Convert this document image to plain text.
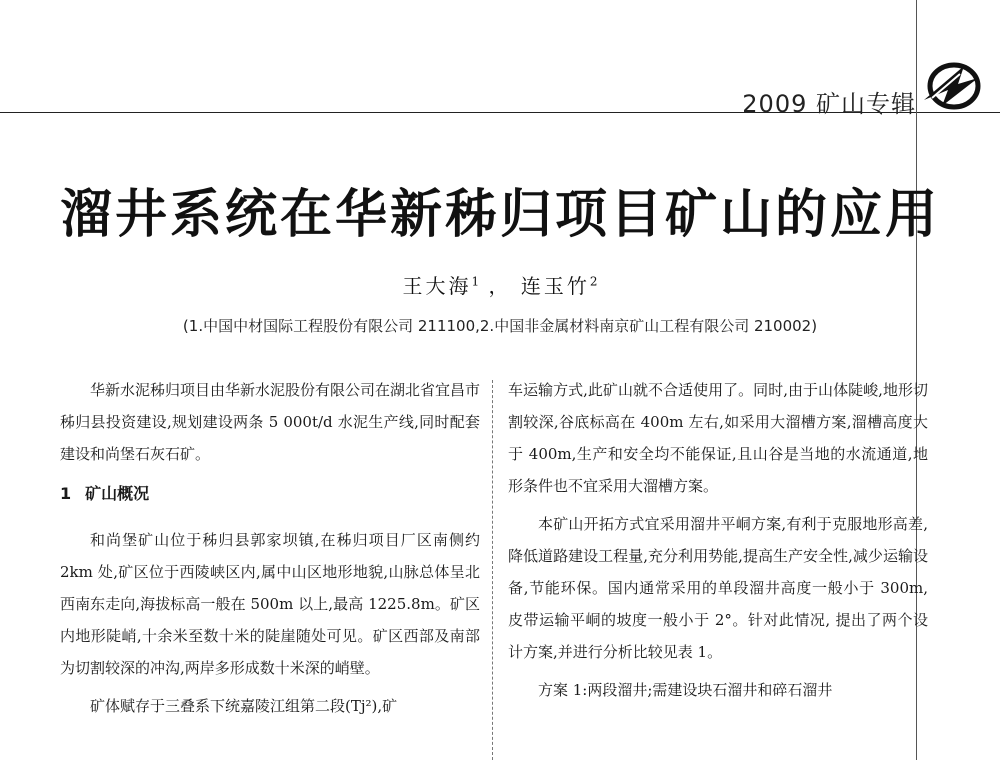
2009 矿山专辑
溜井系统在华新秭归项目矿山的应用
王大海$^1$ ， 连玉竹$^2$
(1.中国中材国际工程股份有限公司 211100,2.中国非金属材料南京矿山工程有限公司 210002)

华新水泥秭归项目由华新水泥股份有限公司在湖北省宜昌市秭归县投资建设,规划建设两条 5 000t/d 水泥生产线,同时配套建设和尚堡石灰石矿。

1 矿山概况

和尚堡矿山位于秭归县郭家坝镇,在秭归项目厂区南侧约 2km 处,矿区位于西陵峡区内,属中山区地形地貌,山脉总体呈北西南东走向,海拔标高一般在 500m 以上,最高 1225.8m。矿区内地形陡峭,十余米至数十米的陡崖随处可见。矿区西部及南部为切割较深的冲沟,两岸多形成数十米深的峭壁。

矿体赋存于三叠系下统嘉陵江组第二段(Tj²),矿

车运输方式,此矿山就不合适使用了。同时,由于山体陡峻,地形切割较深,谷底标高在 400m 左右,如采用大溜槽方案,溜槽高度大于 400m,生产和安全均不能保证,且山谷是当地的水流通道,地形条件也不宜采用大溜槽方案。

本矿山开拓方式宜采用溜井平峒方案,有利于克服地形高差,降低道路建设工程量,充分利用势能,提高生产安全性,减少运输设备,节能环保。国内通常采用的单段溜井高度一般小于 300m, 皮带运输平峒的坡度一般小于 2°。针对此情况, 提出了两个设计方案,并进行分析比较见表 1。

方案 1:两段溜井;需建设块石溜井和碎石溜井
